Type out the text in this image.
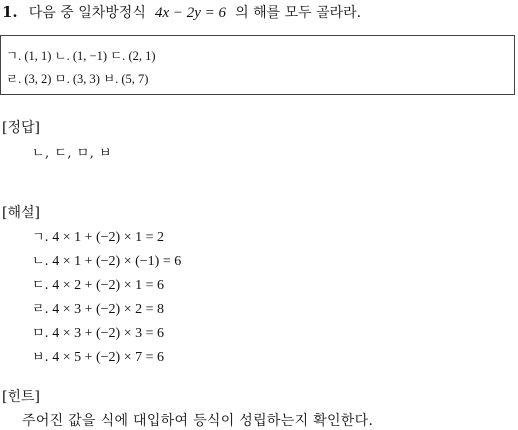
1. 다음 중 일차방정식 4x − 2y = 6 의 해를 모두 골라라.
ㄱ. (1, 1) ㄴ. (1, −1) ㄷ. (2, 1)
ㄹ. (3, 2) ㅁ. (3, 3) ㅂ. (5, 7)
[정답]
ㄴ, ㄷ, ㅁ, ㅂ
[해설]
ㄱ. 4 × 1 + (−2) × 1 = 2
ㄴ. 4 × 1 + (−2) × (−1) = 6
ㄷ. 4 × 2 + (−2) × 1 = 6
ㄹ. 4 × 3 + (−2) × 2 = 8
ㅁ. 4 × 3 + (−2) × 3 = 6
ㅂ. 4 × 5 + (−2) × 7 = 6
[힌트]
주어진 값을 식에 대입하여 등식이 성립하는지 확인한다.
